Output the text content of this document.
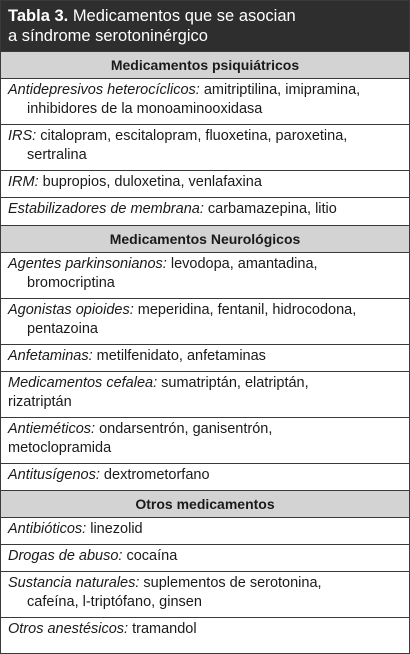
Tabla 3. Medicamentos que se asocian
a síndrome serotoninérgico
Medicamentos psiquiátricos
Antidepresivos heterocíclicos: amitriptilina, imipramina,
inhibidores de la monoaminooxidasa
IRS: citalopram, escitalopram, fluoxetina, paroxetina,
sertralina
IRM: bupropios, duloxetina, venlafaxina
Estabilizadores de membrana: carbamazepina, litio
Medicamentos Neurológicos
Agentes parkinsonianos: levodopa, amantadina,
bromocriptina
Agonistas opioides: meperidina, fentanil, hidrocodona,
pentazoina
Anfetaminas: metilfenidato, anfetaminas
Medicamentos cefalea: sumatriptán, elatriptán,
rizatriptán
Antieméticos: ondarsentrón, ganisentrón,
metoclopramida
Antitusígenos: dextrometorfano
Otros medicamentos
Antibióticos: linezolid
Drogas de abuso: cocaína
Sustancia naturales: suplementos de serotonina,
cafeína, l-triptófano, ginsen
Otros anestésicos: tramandol
